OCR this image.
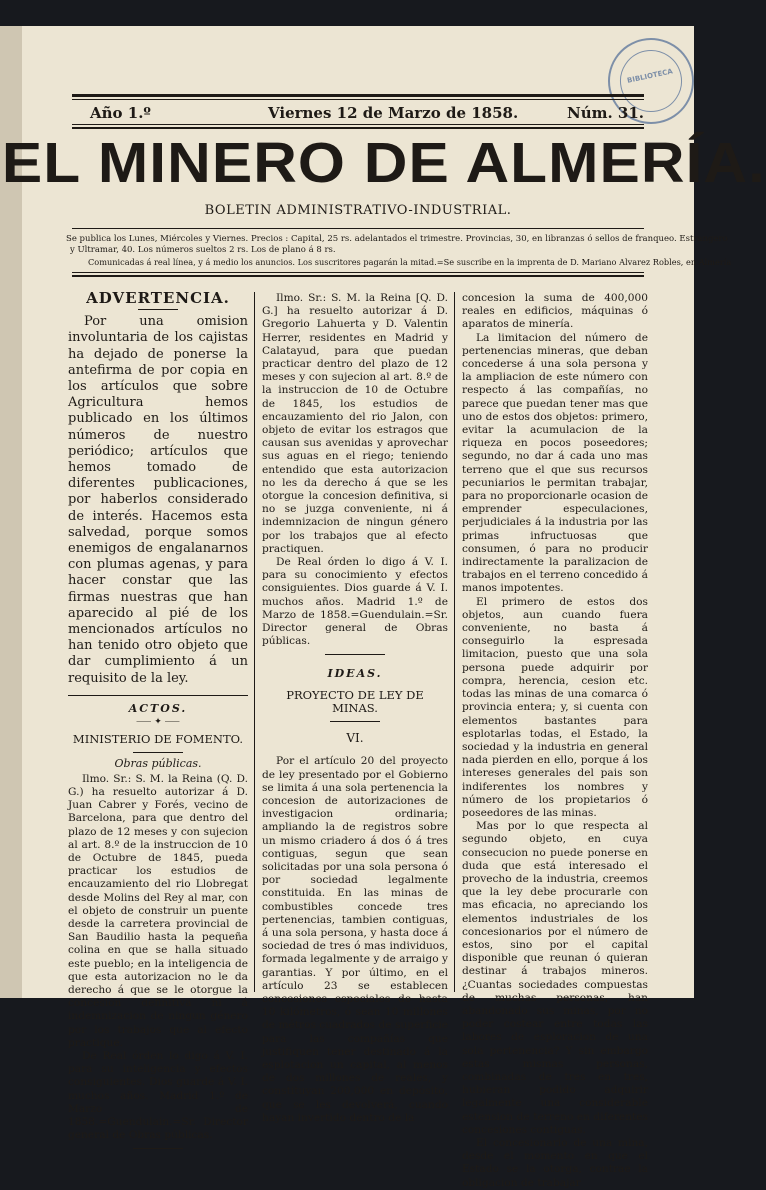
BIBLIOTECA
Año 1.º	Viernes 12 de Marzo de 1858.	Núm. 31.
EL MINERO DE ALMERÍA.
BOLETIN ADMINISTRATIVO-INDUSTRIAL.
Se publica los Lunes, Miércoles y Viernes. Precios : Capital, 25 rs. adelantados el trimestre. Provincias, 30, en libranzas ó sellos de franqueo. Estrangero
y Ultramar, 40. Los números sueltos 2 rs. Los de plano á 8 rs.
Comunicadas á real línea, y á medio los anuncios. Los suscritores pagarán la mitad.=Se suscribe en la imprenta de D. Mariano Alvarez Robles, en Almería
ADVERTENCIA.

Por una omision involuntaria de los cajistas ha dejado de ponerse la antefirma de por copia en los artículos que sobre Agricultura hemos publicado en los últimos números de nuestro periódico; artículos que hemos tomado de diferentes publicaciones, por haberlos considerado de interés. Hacemos esta salvedad, porque somos enemigos de engalanarnos con plumas agenas, y para hacer constar que las firmas nuestras que han aparecido al pié de los mencionados artículos no han tenido otro objeto que dar cumplimiento á un requisito de la ley.

ACTOS.
⸺ ✦ ⸺
MINISTERIO DE FOMENTO.
Obras públicas.

Ilmo. Sr.: S. M. la Reina (Q. D. G.) ha resuelto autorizar á D. Juan Cabrer y Forés, vecino de Barcelona, para que dentro del plazo de 12 meses y con sujecion al art. 8.º de la instruccion de 10 de Octubre de 1845, pueda practicar los estudios de encauzamiento del rio Llobregat desde Molins del Rey al mar, con el objeto de construir un puente desde la carretera provincial de San Baudilio hasta la pequeña colina en que se halla situado este pueblo; en la inteligencia de que esta autorizacion no le da derecho á que se le otorgue la concesion definitiva ni á indemnizacion de ningun género por los trabajos que al efecto practique.

De Real órden lo digo á V. I. para su inteligencia y efectos consiguientes. Dios guarde á V. I. muchos años. Madrid 1.º de Marzo de 1858.=Guendulain.=Sr. Director general de Obras públicas.

Ilmo. Sr.: S. M. la Reina [Q. D. G.] ha resuelto autorizar á D. Gregorio Lahuerta y D. Valentin Herrer, residentes en Madrid y Calatayud, para que puedan practicar dentro del plazo de 12 meses y con sujecion al art. 8.º de la instruccion de 10 de Octubre de 1845, los estudios de encauzamiento del rio Jalon, con objeto de evitar los estragos que causan sus avenidas y aprovechar sus aguas en el riego; teniendo entendido que esta autorizacion no les da derecho á que se les otorgue la concesion definitiva, si no se juzga conveniente, ni á indemnizacion de ningun género por los trabajos que al efecto practiquen.

De Real órden lo digo á V. I. para su conocimiento y efectos consiguientes. Dios guarde á V. I. muchos años. Madrid 1.º de Marzo de 1858.=Guendulain.=Sr. Director general de Obras públicas.

IDEAS.
PROYECTO DE LEY DE MINAS.
VI.

Por el artículo 20 del proyecto de ley presentado por el Gobierno se limita á una sola pertenencia la concesion de autorizaciones de investigacion ordinaria; ampliando la de registros sobre un mismo criadero á dos ó á tres contiguas, segun que sean solicitadas por una sola persona ó por sociedad legalmente constituida. En las minas de combustibles concede tres pertenencias, tambien contiguas, á una sola persona, y hasta doce á sociedad de tres ó mas individuos, formada legalmente y de arraigo y garantias. Y por último, en el artículo 23 se establecen concesiones especiales de hasta 10 kilómetros, ó sean 10 millones de métros cuadrados de superficie para las compañías que justifiquen tener destinado á la esplotacion un capital, al menos de dos millones de reales, y constituyan 200,000 en depósito, que se les devolverá, cuando hayan invertido dentro de la

concesion la suma de 400,000 reales en edificios, máquinas ó aparatos de minería.

La limitacion del número de pertenencias mineras, que deban concederse á una sola persona y la ampliacion de este número con respecto á las compañías, no parece que puedan tener mas que uno de estos dos objetos: primero, evitar la acumulacion de la riqueza en pocos poseedores; segundo, no dar á cada uno mas terreno que el que sus recursos pecuniarios le permitan trabajar, para no proporcionarle ocasion de emprender especulaciones, perjudiciales á la industria por las primas infructuosas que consumen, ó para no producir indirectamente la paralizacion de trabajos en el terreno concedido á manos impotentes.

El primero de estos dos objetos, aun cuando fuera conveniente, no basta á conseguirlo la espresada limitacion, puesto que una sola persona puede adquirir por compra, herencia, cesion etc. todas las minas de una comarca ó provincia entera; y, si cuenta con elementos bastantes para esplotarlas todas, el Estado, la sociedad y la industria en general nada pierden en ello, porque á los intereses generales del pais son indiferentes los nombres y número de los propietarios ó poseedores de las minas.

Mas por lo que respecta al segundo objeto, en cuya consecucion no puede ponerse en duda que está interesado el provecho de la industria, creemos que la ley debe procurarle con mas eficacia, no apreciando los elementos industriales de los concesionarios por el número de estos, sino por el capital disponible que reunan ó quieran destinar á trabajos mineros. ¿Cuantas sociedades compuestas de muchas personas, han abandonado sus minas, por no poder costear entre todas las labores de esploracion de una sola pertenencia? Y sin embargo estas mismas personas, combinadas de tres en tres, hubieran podido adquirir legalmente una considerable estension de terreno en diferentes concesiones contiguas.

El concesionario de una mina, desde el momento en que el Estado se la otorga, contrae la obligacion de trabajar
